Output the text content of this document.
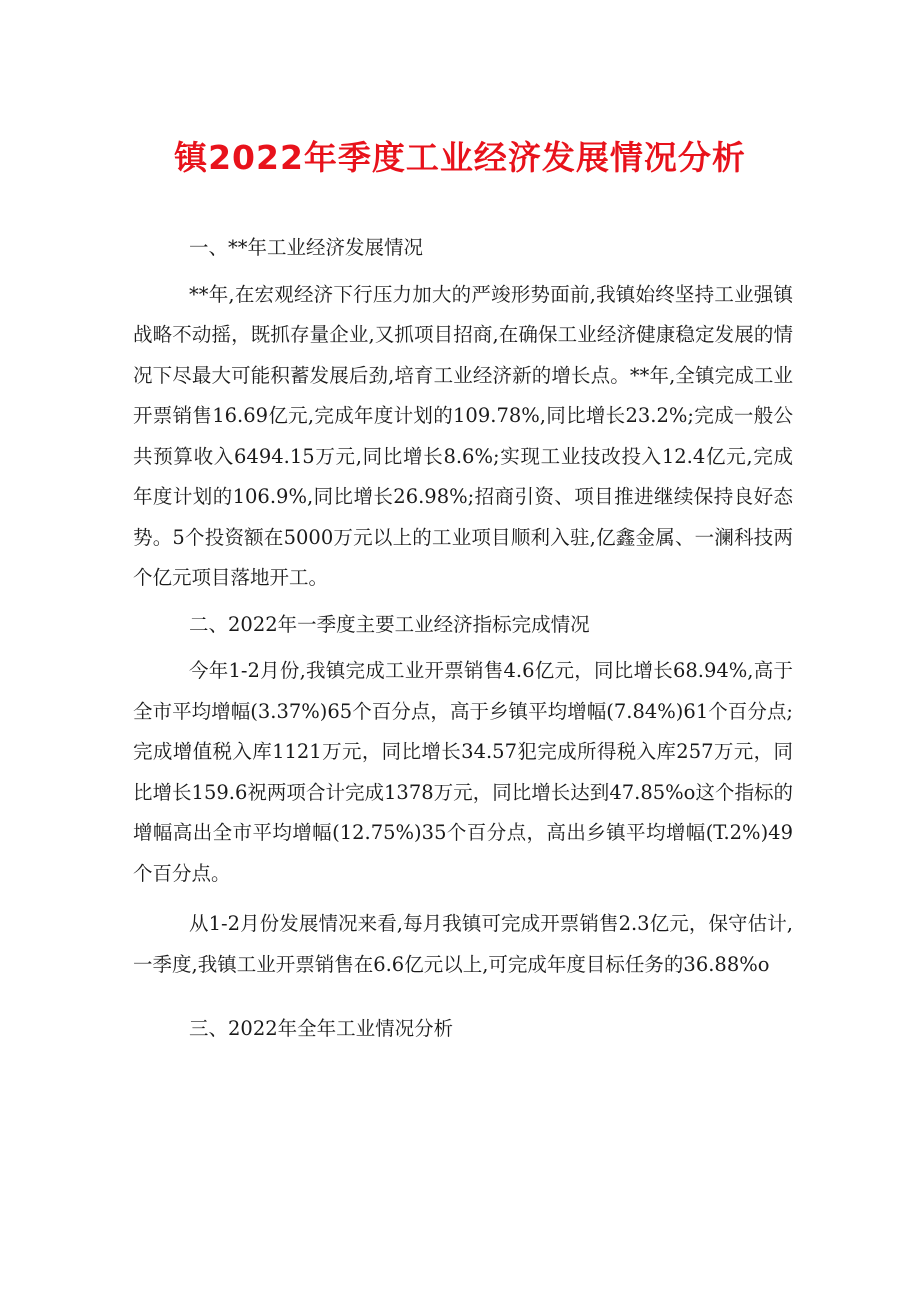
镇2022年季度工业经济发展情况分析

一、**年工业经济发展情况

**年,在宏观经济下行压力加大的严竣形势面前,我镇始终坚持工业强镇战略不动摇，既抓存量企业,又抓项目招商,在确保工业经济健康稳定发展的情况下尽最大可能积蓄发展后劲,培育工业经济新的增长点。**年,全镇完成工业开票销售16.69亿元,完成年度计划的109.78%,同比增长23.2%;完成一般公共预算收入6494.15万元,同比增长8.6%;实现工业技改投入12.4亿元,完成年度计划的106.9%,同比增长26.98%;招商引资、项目推进继续保持良好态势。5个投资额在5000万元以上的工业项目顺利入驻,亿鑫金属、一澜科技两个亿元项目落地开工。

二、2022年一季度主要工业经济指标完成情况

今年1-2月份,我镇完成工业开票销售4.6亿元，同比增长68.94%,高于全市平均增幅(3.37%)65个百分点，高于乡镇平均增幅(7.84%)61个百分点;完成增值税入库1121万元，同比增长34.57犯完成所得税入库257万元，同比增长159.6祝两项合计完成1378万元，同比增长达到47.85%o这个指标的增幅高出全市平均增幅(12.75%)35个百分点，高出乡镇平均增幅(T.2%)49个百分点。

从1-2月份发展情况来看,每月我镇可完成开票销售2.3亿元，保守估计,一季度,我镇工业开票销售在6.6亿元以上,可完成年度目标任务的36.88%o

三、2022年全年工业情况分析
